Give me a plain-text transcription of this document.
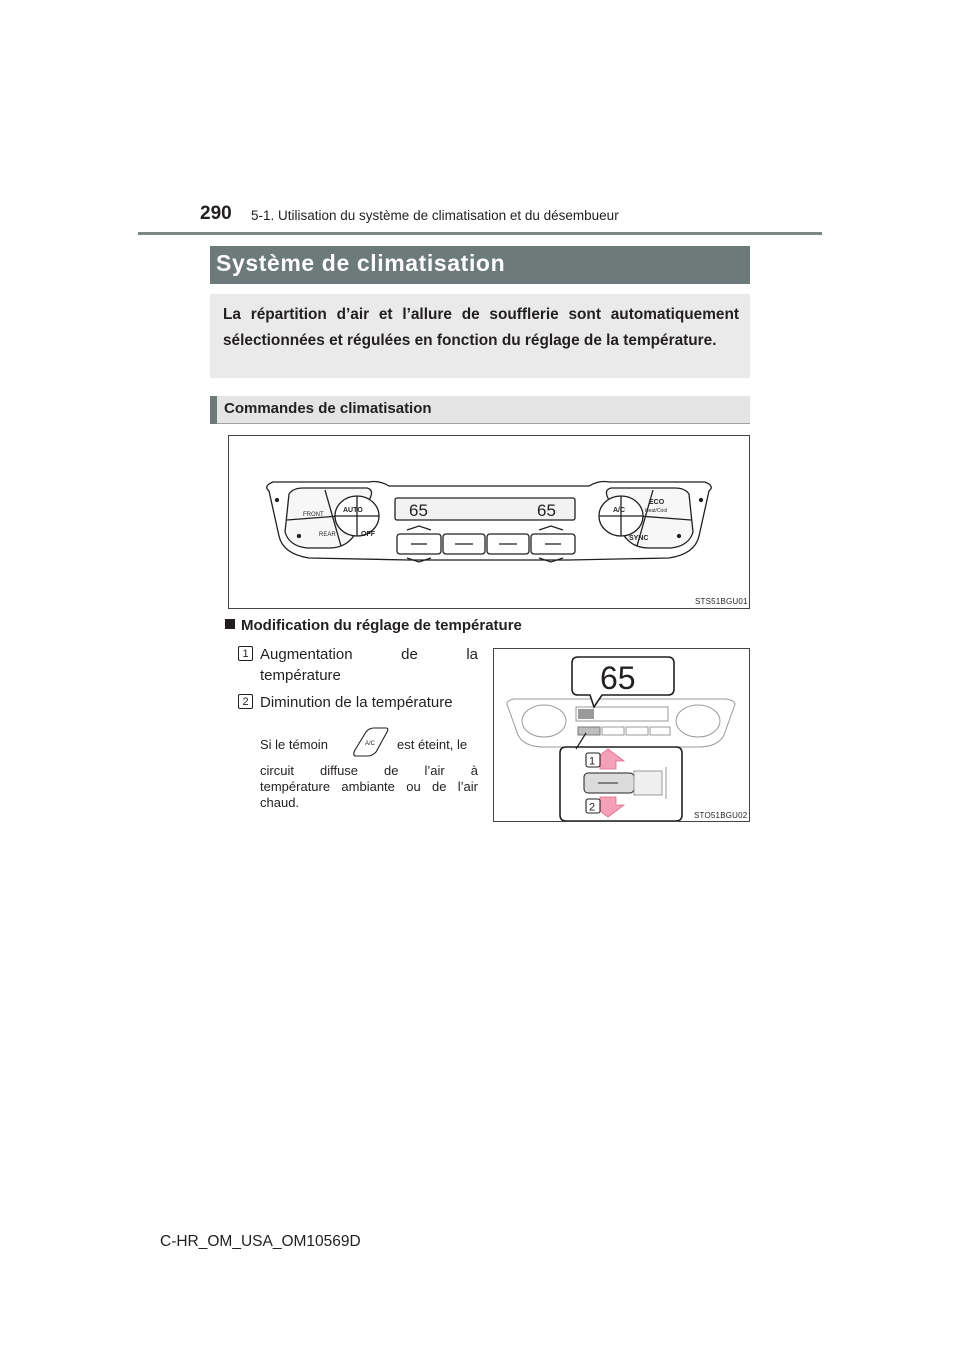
290 5-1. Utilisation du système de climatisation et du désembueur
Système de climatisation
La répartition d’air et l’allure de soufflerie sont automatiquement sélectionnées et régulées en fonction du réglage de la température.
Commandes de climatisation
FRONT
AUTO
REAR	OFF
65	65	A/C
ECO
Heat/Cool
SYNC
STS51BGU01
Modification du réglage de température
1 Augmentation de la
température
2 Diminution de la température
Si le témoin	A/C est éteint, le
circuit diffuse de l’air à
température ambiante ou de l’air
chaud.
65
1
2
STO51BGU02
C-HR_OM_USA_OM10569D
